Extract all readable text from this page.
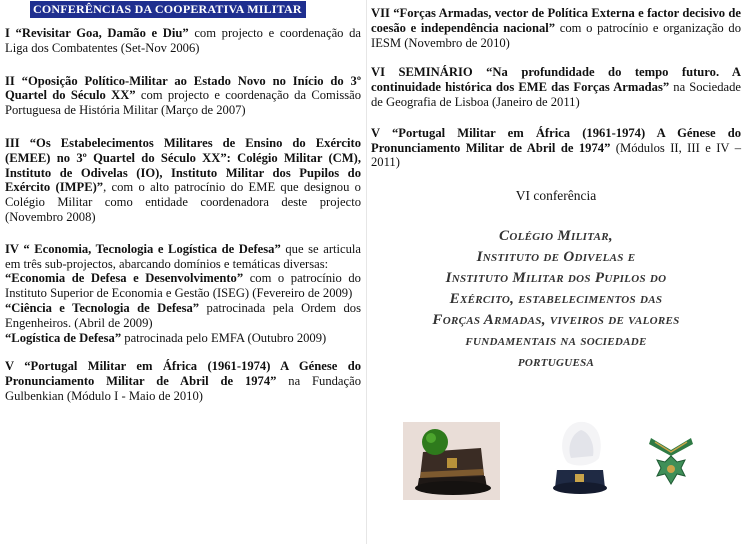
CONFERÊNCIAS DA COOPERATIVA MILITAR

I “Revisitar Goa, Damão e Diu” com projecto e coordenação da Liga dos Combatentes (Set-Nov 2006)

II “Oposição Político-Militar ao Estado Novo no Início do 3º Quartel do Século XX” com projecto e coordenação da Comissão Portuguesa de História Militar (Março de 2007)

III “Os Estabelecimentos Militares de Ensino do Exército (EMEE) no 3º Quartel do Século XX”: Colégio Militar (CM), Instituto de Odivelas (IO), Instituto Militar dos Pupilos do Exército (IMPE)”, com o alto patrocínio do EME que designou o Colégio Militar como entidade coordenadora deste projecto (Novembro 2008)

IV “ Economia, Tecnologia e Logística de Defesa” que se articula em três sub-projectos, abarcando domínios e temáticas diversas:

“Economia de Defesa e Desenvolvimento” com o patrocínio do Instituto Superior de Economia e Gestão (ISEG) (Fevereiro de 2009)

“Ciência e Tecnologia de Defesa” patrocinada pela Ordem dos Engenheiros. (Abril de 2009)

“Logística de Defesa” patrocinada pelo EMFA (Outubro 2009)

V “Portugal Militar em África (1961-1974) A Génese do Pronunciamento Militar de Abril de 1974” na Fundação Gulbenkian (Módulo I - Maio de 2010)

VII “Forças Armadas, vector de Política Externa e factor decisivo de coesão e independência nacional” com o patrocínio e organização do IESM (Novembro de 2010)

VI SEMINÁRIO “Na profundidade do tempo futuro. A continuidade histórica dos EME das Forças Armadas” na Sociedade de Geografia de Lisboa (Janeiro de 2011)

V “Portugal Militar em África (1961-1974) A Génese do Pronunciamento Militar de Abril de 1974” (Módulos II, III e IV – 2011)

VI conferência
Colégio Militar,
Instituto de Odivelas e
Instituto Militar dos Pupilos do
Exército, estabelecimentos das
Forças Armadas, viveiros de valores
fundamentais na sociedade
portuguesa
